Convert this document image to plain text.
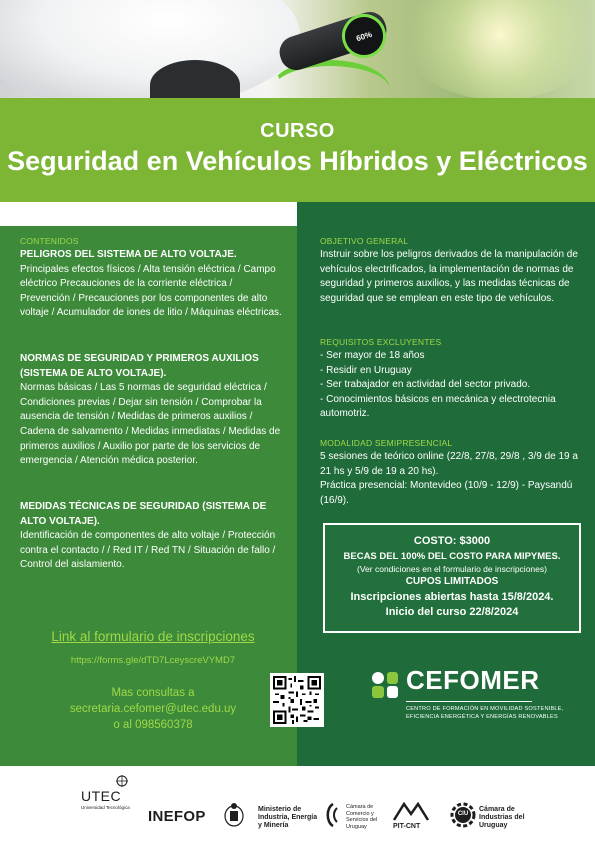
60%
CURSO
Seguridad en Vehículos Híbridos y Eléctricos
CONTENIDOS
PELIGROS DEL SISTEMA DE ALTO VOLTAJE.
Principales efectos físicos / Alta tensión eléctrica / Campo eléctrico Precauciones de la corriente eléctrica / Prevención / Precauciones por los componentes de alto voltaje / Acumulador de iones de litio / Máquinas eléctricas.
NORMAS DE SEGURIDAD Y PRIMEROS AUXILIOS (SISTEMA DE ALTO VOLTAJE).
Normas básicas / Las 5 normas de seguridad eléctrica / Condiciones previas / Dejar sin tensión / Comprobar la ausencia de tensión / Medidas de primeros auxilios / Cadena de salvamento / Medidas inmediatas / Medidas de primeros auxilios / Auxilio por parte de los servicios de emergencia / Atención médica posterior.
MEDIDAS TÉCNICAS DE SEGURIDAD (SISTEMA DE ALTO VOLTAJE).
Identificación de componentes de alto voltaje / Protección contra el contacto / / Red IT / Red TN / Situación de fallo / Control del aislamiento.
OBJETIVO GENERAL
Instruir sobre los peligros derivados de la manipulación de vehículos electrificados, la implementación de normas de seguridad y primeros auxilios, y las medidas técnicas de seguridad que se emplean en este tipo de vehículos.
REQUISITOS EXCLUYENTES
- Ser mayor de 18 años
- Residir en Uruguay
- Ser trabajador en actividad del sector privado.
- Conocimientos básicos en mecánica y electrotecnia automotriz.
MODALIDAD SEMIPRESENCIAL
5 sesiones de teórico online (22/8, 27/8, 29/8 , 3/9 de 19 a 21 hs y 5/9 de 19 a 20 hs).
Práctica presencial: Montevideo (10/9 - 12/9) - Paysandú (16/9).
COSTO: $3000
BECAS DEL 100% DEL COSTO PARA MIPYMES.
(Ver condiciones en el formulario de inscripciones)
CUPOS LIMITADOS
Inscripciones abiertas hasta 15/8/2024.
Inicio del curso 22/8/2024
Link al formulario de inscripciones
https://forms.gle/dTD7LceyscreVYMD7
Mas consultas a
secretaria.cefomer@utec.edu.uy
o al 098560378
CEFOMER
CENTRO DE FORMACIÓN EN MOVILIDAD SOSTENIBLE, EFICIENCIA ENERGÉTICA Y ENERGÍAS RENOVABLES
UTEC
Universidad Tecnológica
INEFOP	Ministerio de Industria, Energía y Minería
Cámara de Comercio y Servicios del Uruguay	PIT-CNT
CIU
Cámara de Industrias del Uruguay
